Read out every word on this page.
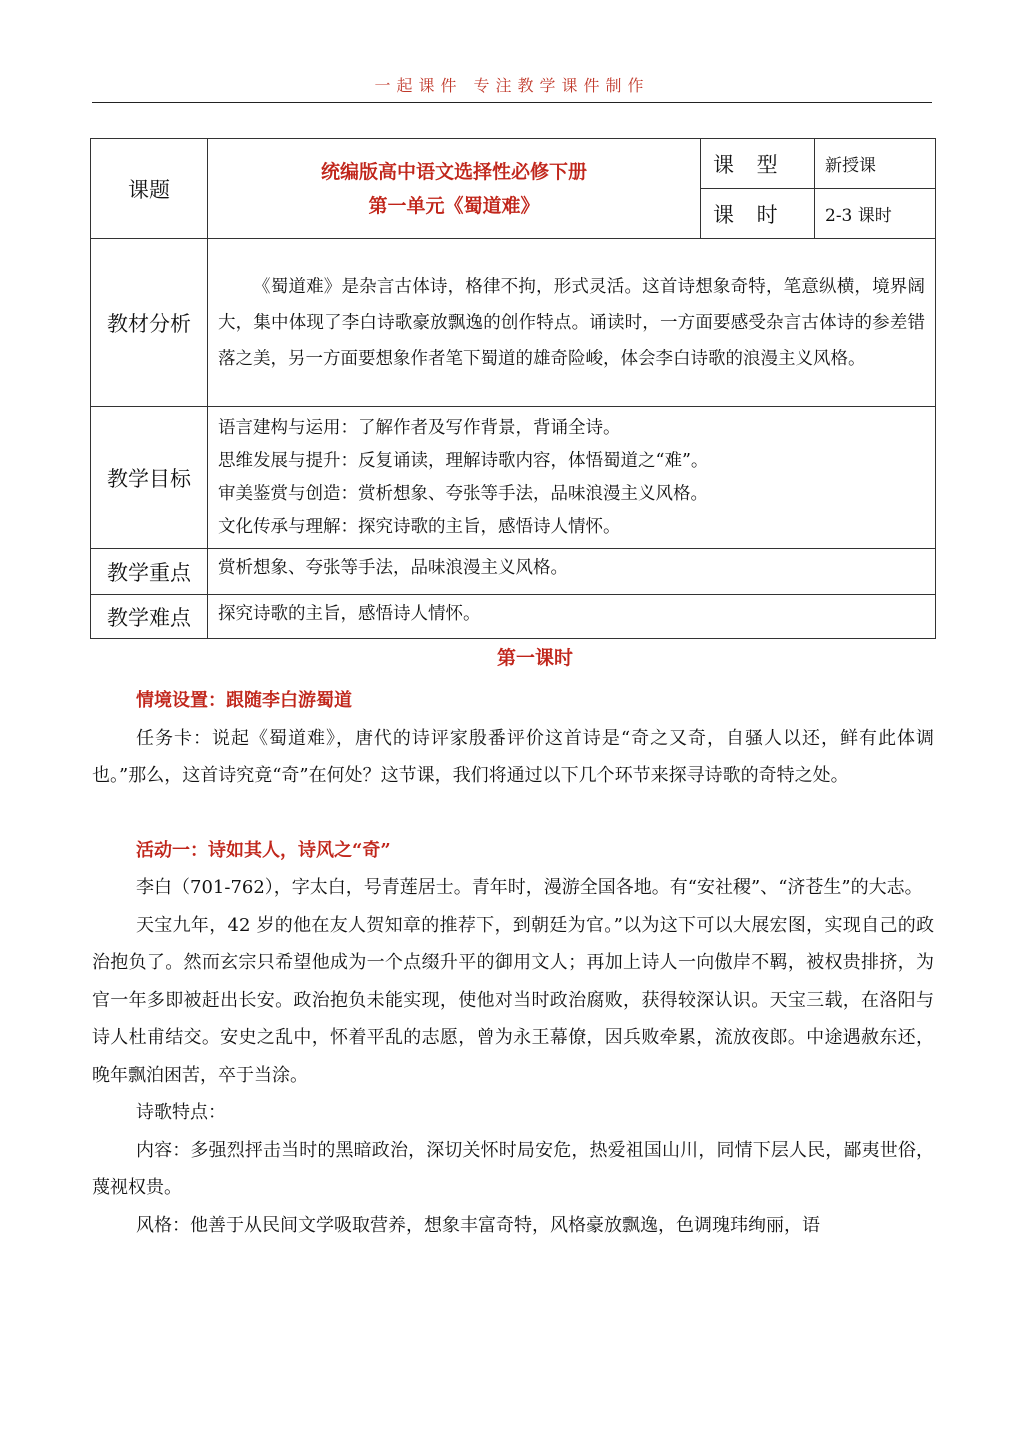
一起课件 专注教学课件制作
课题	统编版高中语文选择性必修下册
第一单元《蜀道难》	课 型	新授课
		课 时	2-3 课时
教材分析	《蜀道难》是杂言古体诗，格律不拘，形式灵活。这首诗想象奇特，笔意纵横，境界阔大，集中体现了李白诗歌豪放飘逸的创作特点。诵读时，一方面要感受杂言古体诗的参差错落之美，另一方面要想象作者笔下蜀道的雄奇险峻，体会李白诗歌的浪漫主义风格。		

教学目标	语言建构与运用：了解作者及写作背景，背诵全诗。
思维发展与提升：反复诵读，理解诗歌内容，体悟蜀道之“难”。
审美鉴赏与创造：赏析想象、夸张等手法，品味浪漫主义风格。
文化传承与理解：探究诗歌的主旨，感悟诗人情怀。		

教学重点	赏析想象、夸张等手法，品味浪漫主义风格。		
教学难点	探究诗歌的主旨，感悟诗人情怀。		
第一课时

情境设置：跟随李白游蜀道

任务卡：说起《蜀道难》，唐代的诗评家殷番评价这首诗是“奇之又奇，自骚人以还，鲜有此体调也。”那么，这首诗究竟“奇”在何处？这节课，我们将通过以下几个环节来探寻诗歌的奇特之处。

活动一：诗如其人，诗风之“奇”

李白（701-762），字太白，号青莲居士。青年时，漫游全国各地。有“安社稷”、“济苍生”的大志。

天宝九年，42 岁的他在友人贺知章的推荐下，到朝廷为官。”以为这下可以大展宏图，实现自己的政治抱负了。然而玄宗只希望他成为一个点缀升平的御用文人；再加上诗人一向傲岸不羁，被权贵排挤，为官一年多即被赶出长安。政治抱负未能实现，使他对当时政治腐败，获得较深认识。天宝三载，在洛阳与诗人杜甫结交。安史之乱中，怀着平乱的志愿，曾为永王幕僚，因兵败牵累，流放夜郎。中途遇赦东还，晚年飘泊困苦，卒于当涂。

诗歌特点：

内容：多强烈抨击当时的黑暗政治，深切关怀时局安危，热爱祖国山川，同情下层人民，鄙夷世俗，蔑视权贵。

风格：他善于从民间文学吸取营养，想象丰富奇特，风格豪放飘逸，色调瑰玮绚丽，语
